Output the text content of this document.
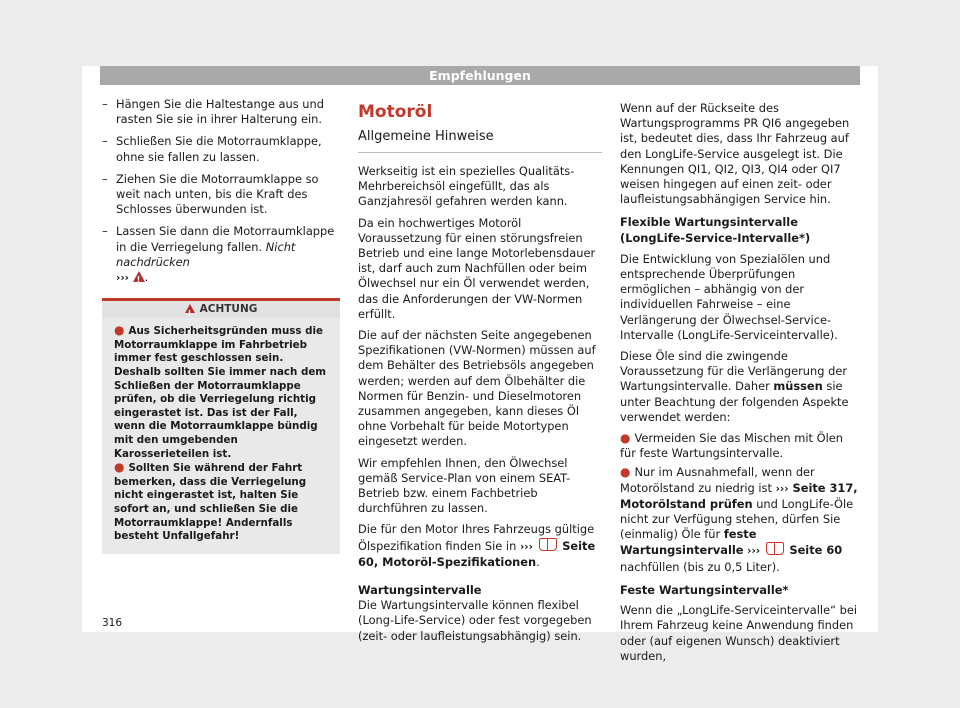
Empfehlungen
– Hängen Sie die Haltestange aus und rasten Sie sie in ihrer Halterung ein.
– Schließen Sie die Motorraumklappe, ohne sie fallen zu lassen.
– Ziehen Sie die Motorraumklappe so weit nach unten, bis die Kraft des Schlosses überwunden ist.
– Lassen Sie dann die Motorraumklappe in die Verriegelung fallen. Nicht nachdrücken
››› ! .
!ACHTUNG
● Aus Sicherheitsgründen muss die Motorraumklappe im Fahrbetrieb immer fest geschlossen sein. Deshalb sollten Sie immer nach dem Schließen der Motorraumklappe prüfen, ob die Verriegelung richtig eingerastet ist. Das ist der Fall, wenn die Motorraumklappe bündig mit den umgebenden Karosserieteilen ist.
● Sollten Sie während der Fahrt bemerken, dass die Verriegelung nicht eingerastet ist, halten Sie sofort an, und schließen Sie die Motorraumklappe! Andernfalls besteht Unfallgefahr!
Motoröl
Allgemeine Hinweise

Werkseitig ist ein spezielles Qualitäts-Mehrbereichsöl eingefüllt, das als Ganzjahresöl gefahren werden kann.

Da ein hochwertiges Motoröl Voraussetzung für einen störungsfreien Betrieb und eine lange Motorlebensdauer ist, darf auch zum Nachfüllen oder beim Ölwechsel nur ein Öl verwendet werden, das die Anforderungen der VW-Normen erfüllt.

Die auf der nächsten Seite angegebenen Spezifikationen (VW-Normen) müssen auf dem Behälter des Betriebsöls angegeben werden; werden auf dem Ölbehälter die Normen für Benzin- und Dieselmotoren zusammen angegeben, kann dieses Öl ohne Vorbehalt für beide Motortypen eingesetzt werden.

Wir empfehlen Ihnen, den Ölwechsel gemäß Service-Plan von einem SEAT-Betrieb bzw. einem Fachbetrieb durchführen zu lassen.

Die für den Motor Ihres Fahrzeugs gültige Ölspezifikation finden Sie in ›››	Seite 60, Motoröl-Spezifikationen.

Wartungsintervalle

Die Wartungsintervalle können flexibel (Long-Life-Service) oder fest vorgegeben (zeit- oder laufleistungsabhängig) sein.

Wenn auf der Rückseite des Wartungsprogramms PR QI6 angegeben ist, bedeutet dies, dass Ihr Fahrzeug auf den LongLife-Service ausgelegt ist. Die Kennungen QI1, QI2, QI3, QI4 oder QI7 weisen hingegen auf einen zeit- oder laufleistungsabhängigen Service hin.

Flexible Wartungsintervalle (LongLife-Service-Intervalle*)

Die Entwicklung von Spezialölen und entsprechende Überprüfungen ermöglichen – abhängig von der individuellen Fahrweise – eine Verlängerung der Ölwechsel-Service-Intervalle (LongLife-Serviceintervalle).

Diese Öle sind die zwingende Voraussetzung für die Verlängerung der Wartungsintervalle. Daher müssen sie unter Beachtung der folgenden Aspekte verwendet werden:

● Vermeiden Sie das Mischen mit Ölen für feste Wartungsintervalle.
● Nur im Ausnahmefall, wenn der Motorölstand zu niedrig ist ››› Seite 317, Motorölstand prüfen und LongLife-Öle nicht zur Verfügung stehen, dürfen Sie (einmalig) Öle für feste Wartungsintervalle ›››	Seite 60 nachfüllen (bis zu 0,5 Liter).
Feste Wartungsintervalle*

Wenn die „LongLife-Serviceintervalle“ bei Ihrem Fahrzeug keine Anwendung finden oder (auf eigenen Wunsch) deaktiviert wurden,

316
